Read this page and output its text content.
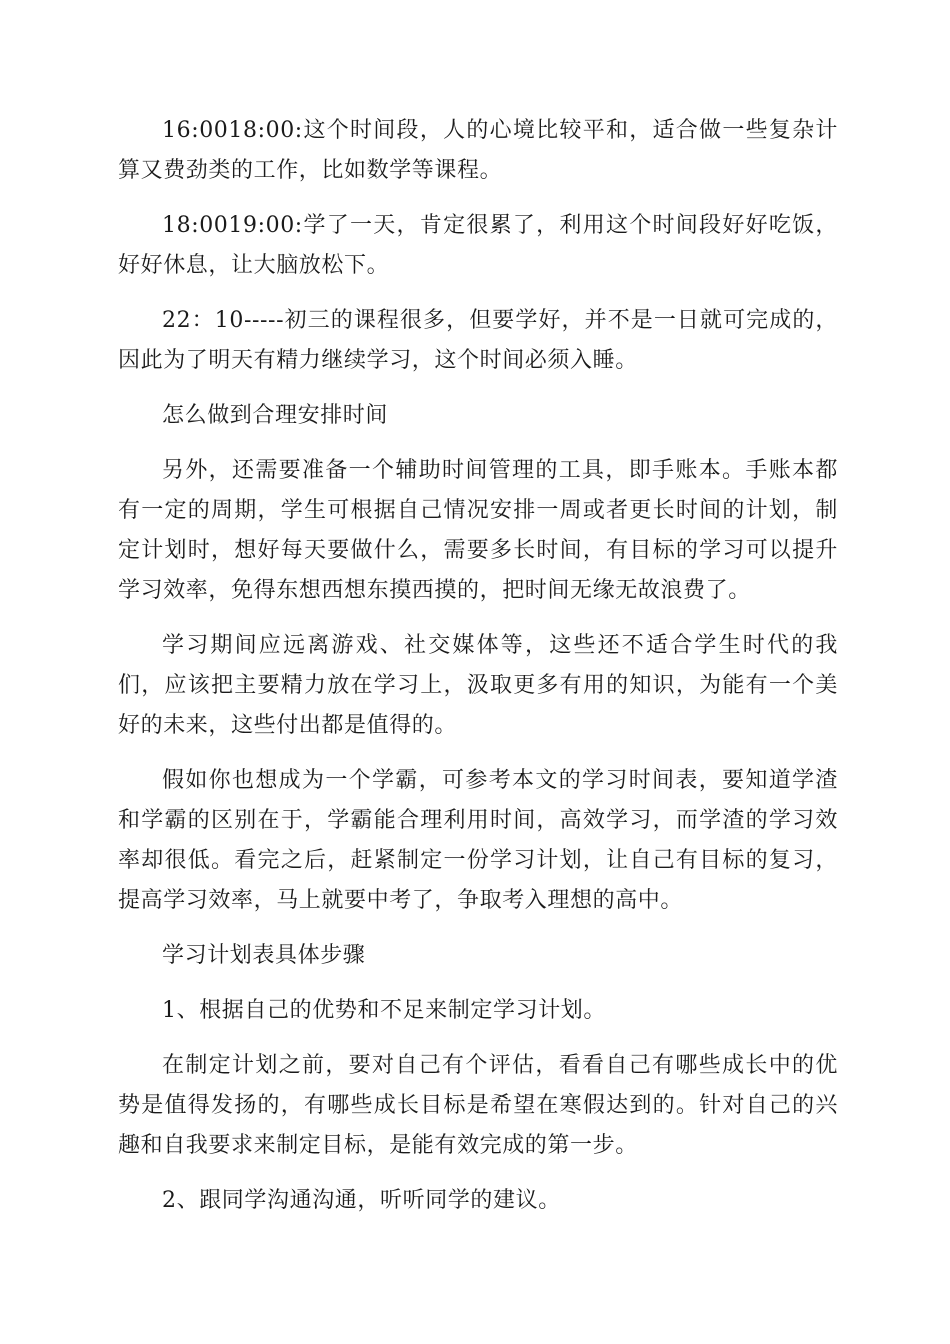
16:0018:00:这个时间段，人的心境比较平和，适合做一些复杂计算又费劲类的工作，比如数学等课程。

18:0019:00:学了一天，肯定很累了，利用这个时间段好好吃饭，好好休息，让大脑放松下。

22：10-----初三的课程很多，但要学好，并不是一日就可完成的，因此为了明天有精力继续学习，这个时间必须入睡。

怎么做到合理安排时间

另外，还需要准备一个辅助时间管理的工具，即手账本。手账本都有一定的周期，学生可根据自己情况安排一周或者更长时间的计划，制定计划时，想好每天要做什么，需要多长时间，有目标的学习可以提升学习效率，免得东想西想东摸西摸的，把时间无缘无故浪费了。

学习期间应远离游戏、社交媒体等，这些还不适合学生时代的我们，应该把主要精力放在学习上，汲取更多有用的知识，为能有一个美好的未来，这些付出都是值得的。

假如你也想成为一个学霸，可参考本文的学习时间表，要知道学渣和学霸的区别在于，学霸能合理利用时间，高效学习，而学渣的学习效率却很低。看完之后，赶紧制定一份学习计划，让自己有目标的复习，提高学习效率，马上就要中考了，争取考入理想的高中。

学习计划表具体步骤

1、根据自己的优势和不足来制定学习计划。

在制定计划之前，要对自己有个评估，看看自己有哪些成长中的优势是值得发扬的，有哪些成长目标是希望在寒假达到的。针对自己的兴趣和自我要求来制定目标，是能有效完成的第一步。

2、跟同学沟通沟通，听听同学的建议。
